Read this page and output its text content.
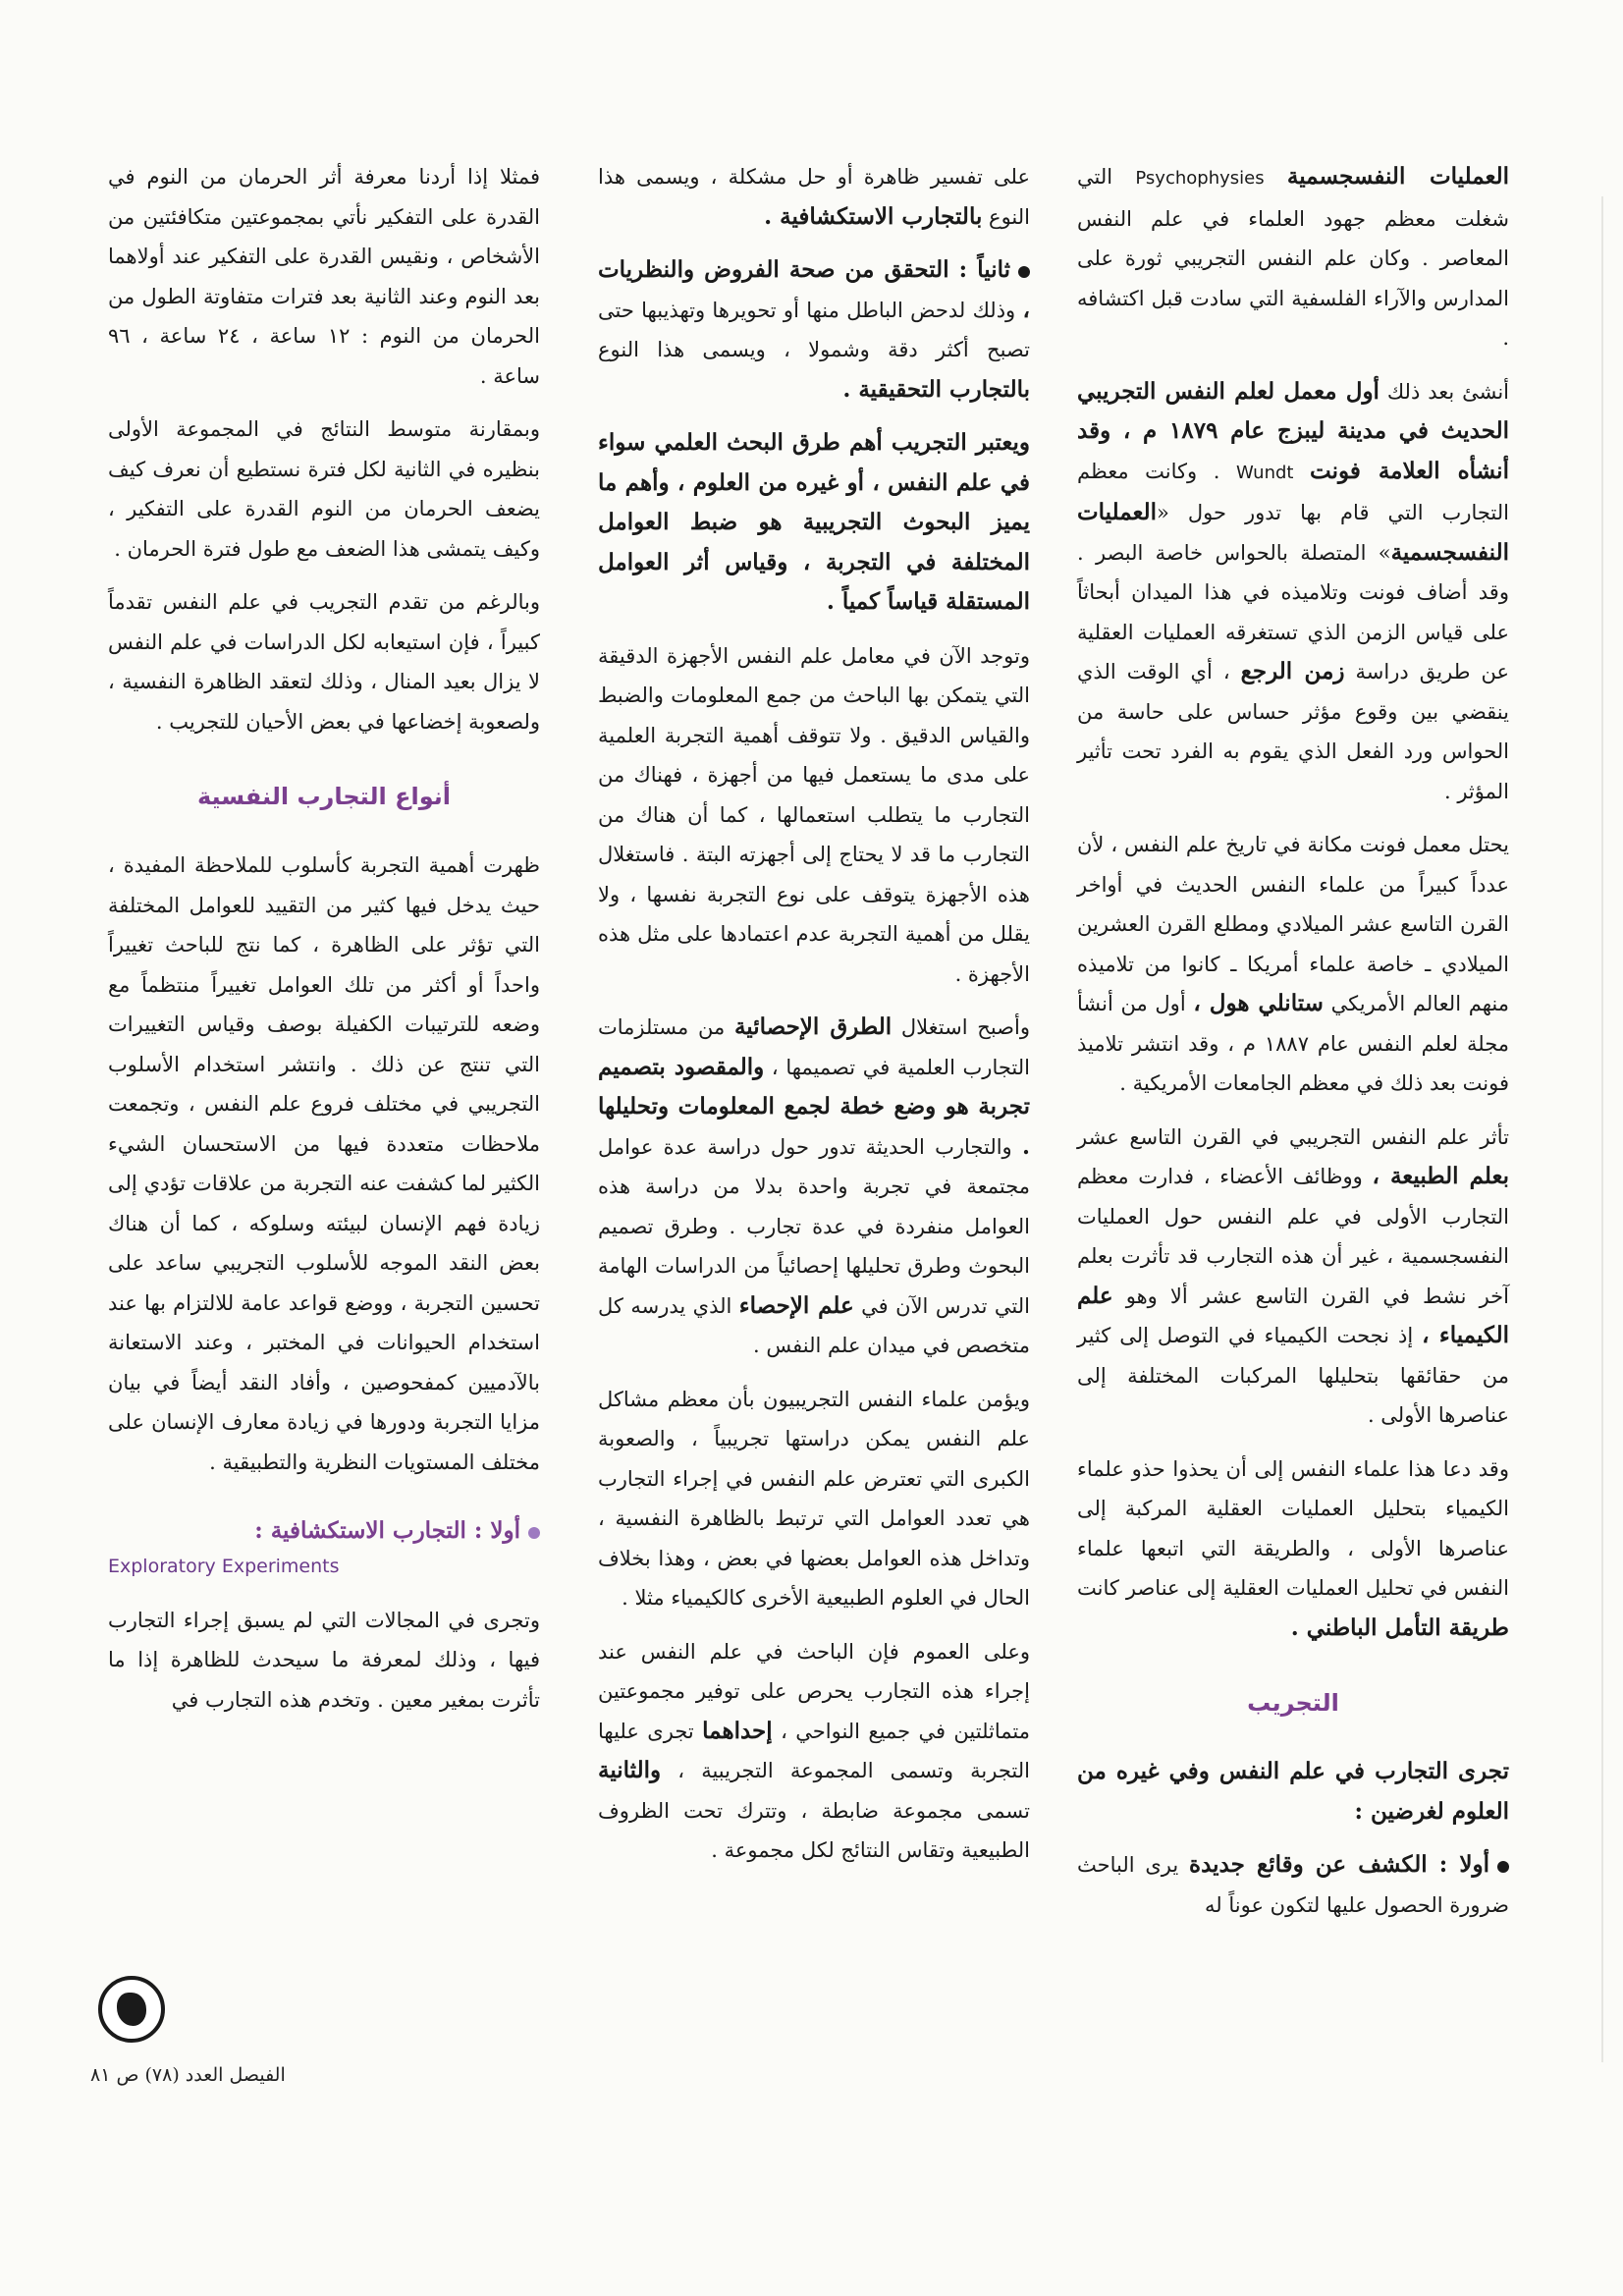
العمليات النفسجسمية Psychophysies التي شغلت معظم جهود العلماء في علم النفس المعاصر . وكان علم النفس التجريبي ثورة على المدارس والآراء الفلسفية التي سادت قبل اكتشافه .

أنشئ بعد ذلك أول معمل لعلم النفس التجريبي الحديث في مدينة ليبزج عام ١٨٧٩ م ، وقد أنشأه العلامة فونت Wundt . وكانت معظم التجارب التي قام بها تدور حول «العمليات النفسجسمية» المتصلة بالحواس خاصة البصر . وقد أضاف فونت وتلاميذه في هذا الميدان أبحاثاً على قياس الزمن الذي تستغرقه العمليات العقلية عن طريق دراسة زمن الرجع ، أي الوقت الذي ينقضي بين وقوع مؤثر حساس على حاسة من الحواس ورد الفعل الذي يقوم به الفرد تحت تأثير المؤثر .

يحتل معمل فونت مكانة في تاريخ علم النفس ، لأن عدداً كبيراً من علماء النفس الحديث في أواخر القرن التاسع عشر الميلادي ومطلع القرن العشرين الميلادي ـ خاصة علماء أمريكا ـ كانوا من تلاميذه منهم العالم الأمريكي ستانلي هول ، أول من أنشأ مجلة لعلم النفس عام ١٨٨٧ م ، وقد انتشر تلاميذ فونت بعد ذلك في معظم الجامعات الأمريكية .

تأثر علم النفس التجريبي في القرن التاسع عشر بعلم الطبيعة ، ووظائف الأعضاء ، فدارت معظم التجارب الأولى في علم النفس حول العمليات النفسجسمية ، غير أن هذه التجارب قد تأثرت بعلم آخر نشط في القرن التاسع عشر ألا وهو علم الكيمياء ، إذ نجحت الكيمياء في التوصل إلى كثير من حقائقها بتحليلها المركبات المختلفة إلى عناصرها الأولى .

وقد دعا هذا علماء النفس إلى أن يحذوا حذو علماء الكيمياء بتحليل العمليات العقلية المركبة إلى عناصرها الأولى ، والطريقة التي اتبعها علماء النفس في تحليل العمليات العقلية إلى عناصر كانت طريقة التأمل الباطني .

التجريب

تجرى التجارب في علم النفس وفي غيره من العلوم لغرضين :

أولا : الكشف عن وقائع جديدة يرى الباحث ضرورة الحصول عليها لتكون عوناً له

على تفسير ظاهرة أو حل مشكلة ، ويسمى هذا النوع بالتجارب الاستكشافية .

ثانياً : التحقق من صحة الفروض والنظريات ، وذلك لدحض الباطل منها أو تحويرها وتهذيبها حتى تصبح أكثر دقة وشمولا ، ويسمى هذا النوع بالتجارب التحقيقية .

ويعتبر التجريب أهم طرق البحث العلمي سواء في علم النفس ، أو غيره من العلوم ، وأهم ما يميز البحوث التجريبية هو ضبط العوامل المختلفة في التجربة ، وقياس أثر العوامل المستقلة قياساً كمياً .

وتوجد الآن في معامل علم النفس الأجهزة الدقيقة التي يتمكن بها الباحث من جمع المعلومات والضبط والقياس الدقيق . ولا تتوقف أهمية التجربة العلمية على مدى ما يستعمل فيها من أجهزة ، فهناك من التجارب ما يتطلب استعمالها ، كما أن هناك من التجارب ما قد لا يحتاج إلى أجهزته البتة . فاستغلال هذه الأجهزة يتوقف على نوع التجربة نفسها ، ولا يقلل من أهمية التجربة عدم اعتمادها على مثل هذه الأجهزة .

وأصبح استغلال الطرق الإحصائية من مستلزمات التجارب العلمية في تصميمها ، والمقصود بتصميم تجربة هو وضع خطة لجمع المعلومات وتحليلها . والتجارب الحديثة تدور حول دراسة عدة عوامل مجتمعة في تجربة واحدة بدلا من دراسة هذه العوامل منفردة في عدة تجارب . وطرق تصميم البحوث وطرق تحليلها إحصائياً من الدراسات الهامة التي تدرس الآن في علم الإحصاء الذي يدرسه كل متخصص في ميدان علم النفس .

ويؤمن علماء النفس التجريبيون بأن معظم مشاكل علم النفس يمكن دراستها تجريبياً ، والصعوبة الكبرى التي تعترض علم النفس في إجراء التجارب هي تعدد العوامل التي ترتبط بالظاهرة النفسية ، وتداخل هذه العوامل بعضها في بعض ، وهذا بخلاف الحال في العلوم الطبيعية الأخرى كالكيمياء مثلا .

وعلى العموم فإن الباحث في علم النفس عند إجراء هذه التجارب يحرص على توفير مجموعتين متماثلتين في جميع النواحي ، إحداهما تجرى عليها التجربة وتسمى المجموعة التجريبية ، والثانية تسمى مجموعة ضابطة ، وتترك تحت الظروف الطبيعية وتقاس النتائج لكل مجموعة .

فمثلا إذا أردنا معرفة أثر الحرمان من النوم في القدرة على التفكير نأتي بمجموعتين متكافئتين من الأشخاص ، ونقيس القدرة على التفكير عند أولاهما بعد النوم وعند الثانية بعد فترات متفاوتة الطول من الحرمان من النوم : ١٢ ساعة ، ٢٤ ساعة ، ٩٦ ساعة .

وبمقارنة متوسط النتائج في المجموعة الأولى بنظيره في الثانية لكل فترة نستطيع أن نعرف كيف يضعف الحرمان من النوم القدرة على التفكير ، وكيف يتمشى هذا الضعف مع طول فترة الحرمان .

وبالرغم من تقدم التجريب في علم النفس تقدماً كبيراً ، فإن استيعابه لكل الدراسات في علم النفس لا يزال بعيد المنال ، وذلك لتعقد الظاهرة النفسية ، ولصعوبة إخضاعها في بعض الأحيان للتجريب .

أنواع التجارب النفسية

ظهرت أهمية التجربة كأسلوب للملاحظة المفيدة ، حيث يدخل فيها كثير من التقييد للعوامل المختلفة التي تؤثر على الظاهرة ، كما نتج للباحث تغييراً واحداً أو أكثر من تلك العوامل تغييراً منتظماً مع وضعه للترتيبات الكفيلة بوصف وقياس التغييرات التي تنتج عن ذلك . وانتشر استخدام الأسلوب التجريبي في مختلف فروع علم النفس ، وتجمعت ملاحظات متعددة فيها من الاستحسان الشيء الكثير لما كشفت عنه التجربة من علاقات تؤدي إلى زيادة فهم الإنسان لبيئته وسلوكه ، كما أن هناك بعض النقد الموجه للأسلوب التجريبي ساعد على تحسين التجربة ، ووضع قواعد عامة للالتزام بها عند استخدام الحيوانات في المختبر ، وعند الاستعانة بالآدميين كمفحوصين ، وأفاد النقد أيضاً في بيان مزايا التجربة ودورها في زيادة معارف الإنسان على مختلف المستويات النظرية والتطبيقية .

أولا : التجارب الاستكشافية :

Exploratory Experiments

وتجرى في المجالات التي لم يسبق إجراء التجارب فيها ، وذلك لمعرفة ما سيحدث للظاهرة إذا ما تأثرت بمغير معين . وتخدم هذه التجارب في

الفيصل العدد (٧٨) ص ٨١
